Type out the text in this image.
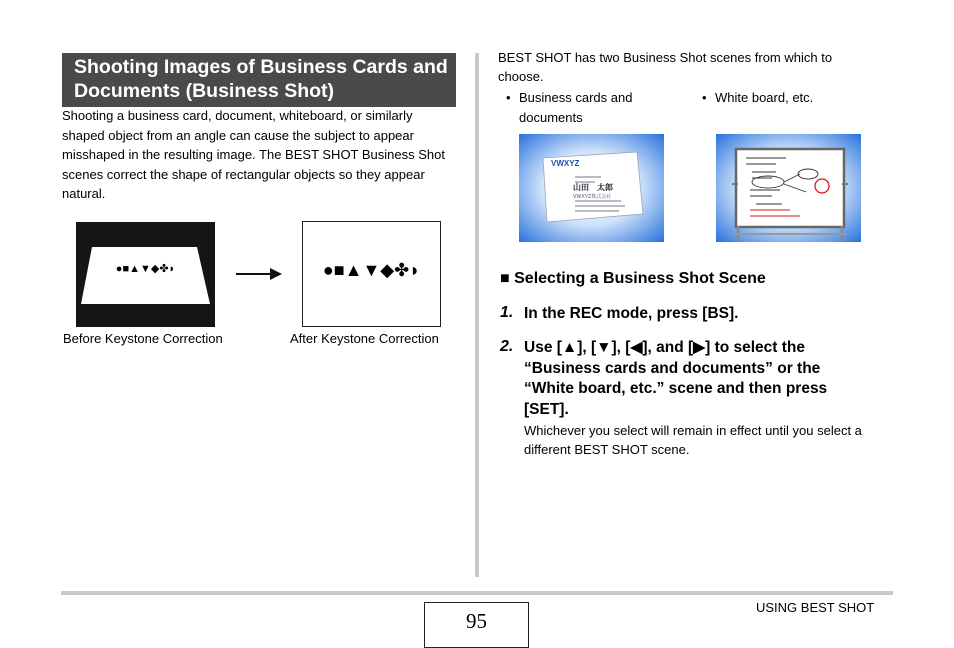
Shooting Images of Business Cards and Documents (Business Shot)
Shooting a business card, document, whiteboard, or similarly shaped object from an angle can cause the subject to appear misshaped in the resulting image. The BEST SHOT Business Shot scenes correct the shape of rectangular objects so they appear natural.
●■▲▼◆✤◗	●■▲▼◆✤◗
Before Keystone Correction	After Keystone Correction
BEST SHOT has two Business Shot scenes from which to choose.
• Business cards and documents
• White board, etc.
VWXYZ
山田　太郎
VWXYZ株式会社
■ Selecting a Business Shot Scene
1. In the REC mode, press [BS].
2. Use [▲], [▼], [◀], and [▶] to select the “Business cards and documents” or the “White board, etc.” scene and then press [SET].
Whichever you select will remain in effect until you select a different BEST SHOT scene.
95
USING BEST SHOT
